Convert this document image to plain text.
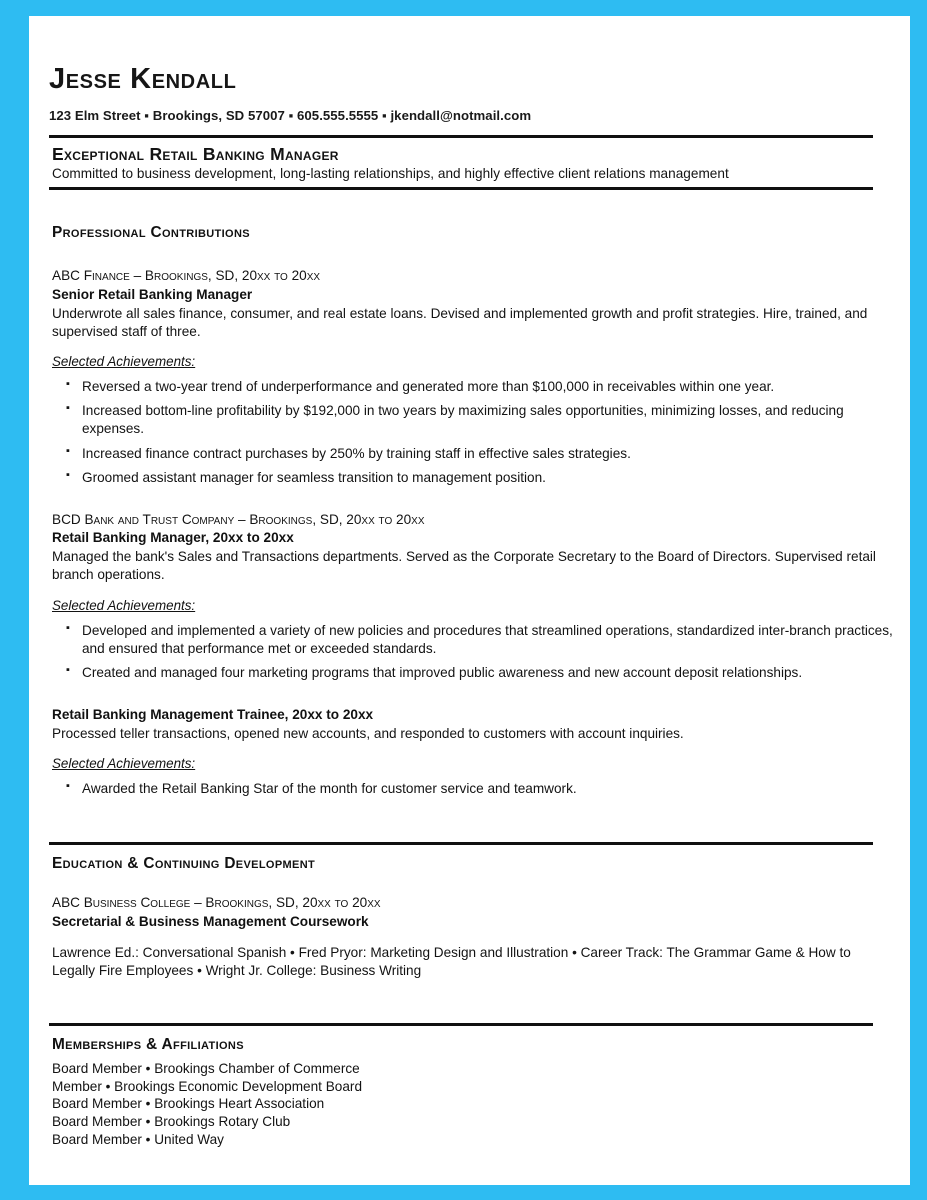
Jesse Kendall
123 Elm Street ▪ Brookings, SD 57007 ▪ 605.555.5555 ▪ jkendall@notmail.com
Exceptional Retail Banking Manager
Committed to business development, long-lasting relationships, and highly effective client relations management
Professional Contributions
ABC Finance – Brookings, SD, 20xx to 20xx
Senior Retail Banking Manager
Underwrote all sales finance, consumer, and real estate loans. Devised and implemented growth and profit strategies. Hire, trained, and supervised staff of three.
Selected Achievements:
▪ Reversed a two-year trend of underperformance and generated more than $100,000 in receivables within one year.
▪ Increased bottom-line profitability by $192,000 in two years by maximizing sales opportunities, minimizing losses, and reducing expenses.
▪ Increased finance contract purchases by 250% by training staff in effective sales strategies.
▪ Groomed assistant manager for seamless transition to management position.
BCD Bank and Trust Company – Brookings, SD, 20xx to 20xx
Retail Banking Manager, 20xx to 20xx
Managed the bank's Sales and Transactions departments. Served as the Corporate Secretary to the Board of Directors. Supervised retail branch operations.
Selected Achievements:
▪ Developed and implemented a variety of new policies and procedures that streamlined operations, standardized inter-branch practices, and ensured that performance met or exceeded standards.
▪ Created and managed four marketing programs that improved public awareness and new account deposit relationships.
Retail Banking Management Trainee, 20xx to 20xx
Processed teller transactions, opened new accounts, and responded to customers with account inquiries.
Selected Achievements:
▪ Awarded the Retail Banking Star of the month for customer service and teamwork.
Education & Continuing Development
ABC Business College – Brookings, SD, 20xx to 20xx
Secretarial & Business Management Coursework
Lawrence Ed.: Conversational Spanish • Fred Pryor: Marketing Design and Illustration • Career Track: The Grammar Game & How to Legally Fire Employees • Wright Jr. College: Business Writing
Memberships & Affiliations
Board Member • Brookings Chamber of Commerce
Member • Brookings Economic Development Board
Board Member • Brookings Heart Association
Board Member • Brookings Rotary Club
Board Member • United Way
